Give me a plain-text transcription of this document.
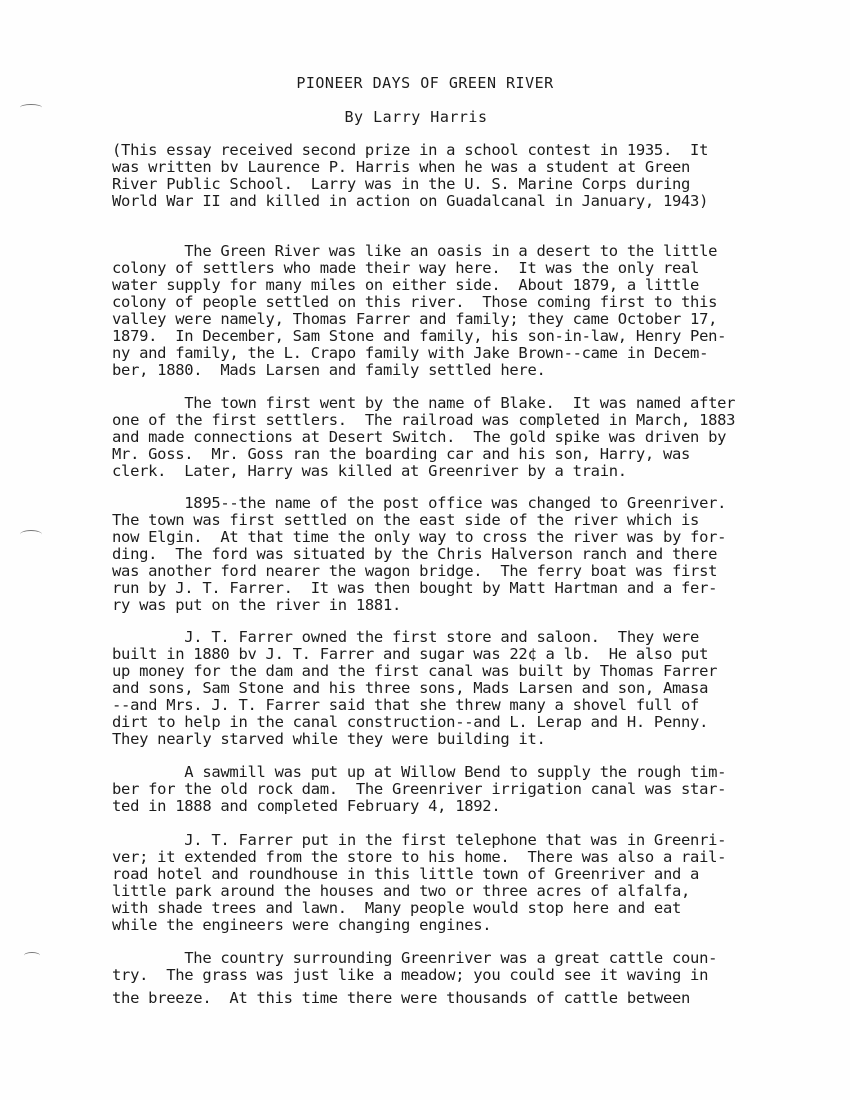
PIONEER DAYS OF GREEN RIVER
By Larry Harris
(This essay received second prize in a school contest in 1935.  It
was written bv Laurence P. Harris when he was a student at Green
River Public School.  Larry was in the U. S. Marine Corps during
World War II and killed in action on Guadalcanal in January, 1943)
The Green River was like an oasis in a desert to the little
colony of settlers who made their way here.  It was the only real
water supply for many miles on either side.  About 1879, a little
colony of people settled on this river.  Those coming first to this
valley were namely, Thomas Farrer and family; they came October 17,
1879.  In December, Sam Stone and family, his son-in-law, Henry Pen-
ny and family, the L. Crapo family with Jake Brown--came in Decem-
ber, 1880.  Mads Larsen and family settled here.
The town first went by the name of Blake.  It was named after
one of the first settlers.  The railroad was completed in March, 1883
and made connections at Desert Switch.  The gold spike was driven by
Mr. Goss.  Mr. Goss ran the boarding car and his son, Harry, was
clerk.  Later, Harry was killed at Greenriver by a train.
1895--the name of the post office was changed to Greenriver.
The town was first settled on the east side of the river which is
now Elgin.  At that time the only way to cross the river was by for-
ding.  The ford was situated by the Chris Halverson ranch and there
was another ford nearer the wagon bridge.  The ferry boat was first
run by J. T. Farrer.  It was then bought by Matt Hartman and a fer-
ry was put on the river in 1881.
J. T. Farrer owned the first store and saloon.  They were
built in 1880 bv J. T. Farrer and sugar was 22¢ a lb.  He also put
up money for the dam and the first canal was built by Thomas Farrer
and sons, Sam Stone and his three sons, Mads Larsen and son, Amasa
--and Mrs. J. T. Farrer said that she threw many a shovel full of
dirt to help in the canal construction--and L. Lerap and H. Penny.
They nearly starved while they were building it.
A sawmill was put up at Willow Bend to supply the rough tim-
ber for the old rock dam.  The Greenriver irrigation canal was star-
ted in 1888 and completed February 4, 1892.
J. T. Farrer put in the first telephone that was in Greenri-
ver; it extended from the store to his home.  There was also a rail-
road hotel and roundhouse in this little town of Greenriver and a
little park around the houses and two or three acres of alfalfa,
with shade trees and lawn.  Many people would stop here and eat
while the engineers were changing engines.
The country surrounding Greenriver was a great cattle coun-
try.  The grass was just like a meadow; you could see it waving in
the breeze.  At this time there were thousands of cattle between
